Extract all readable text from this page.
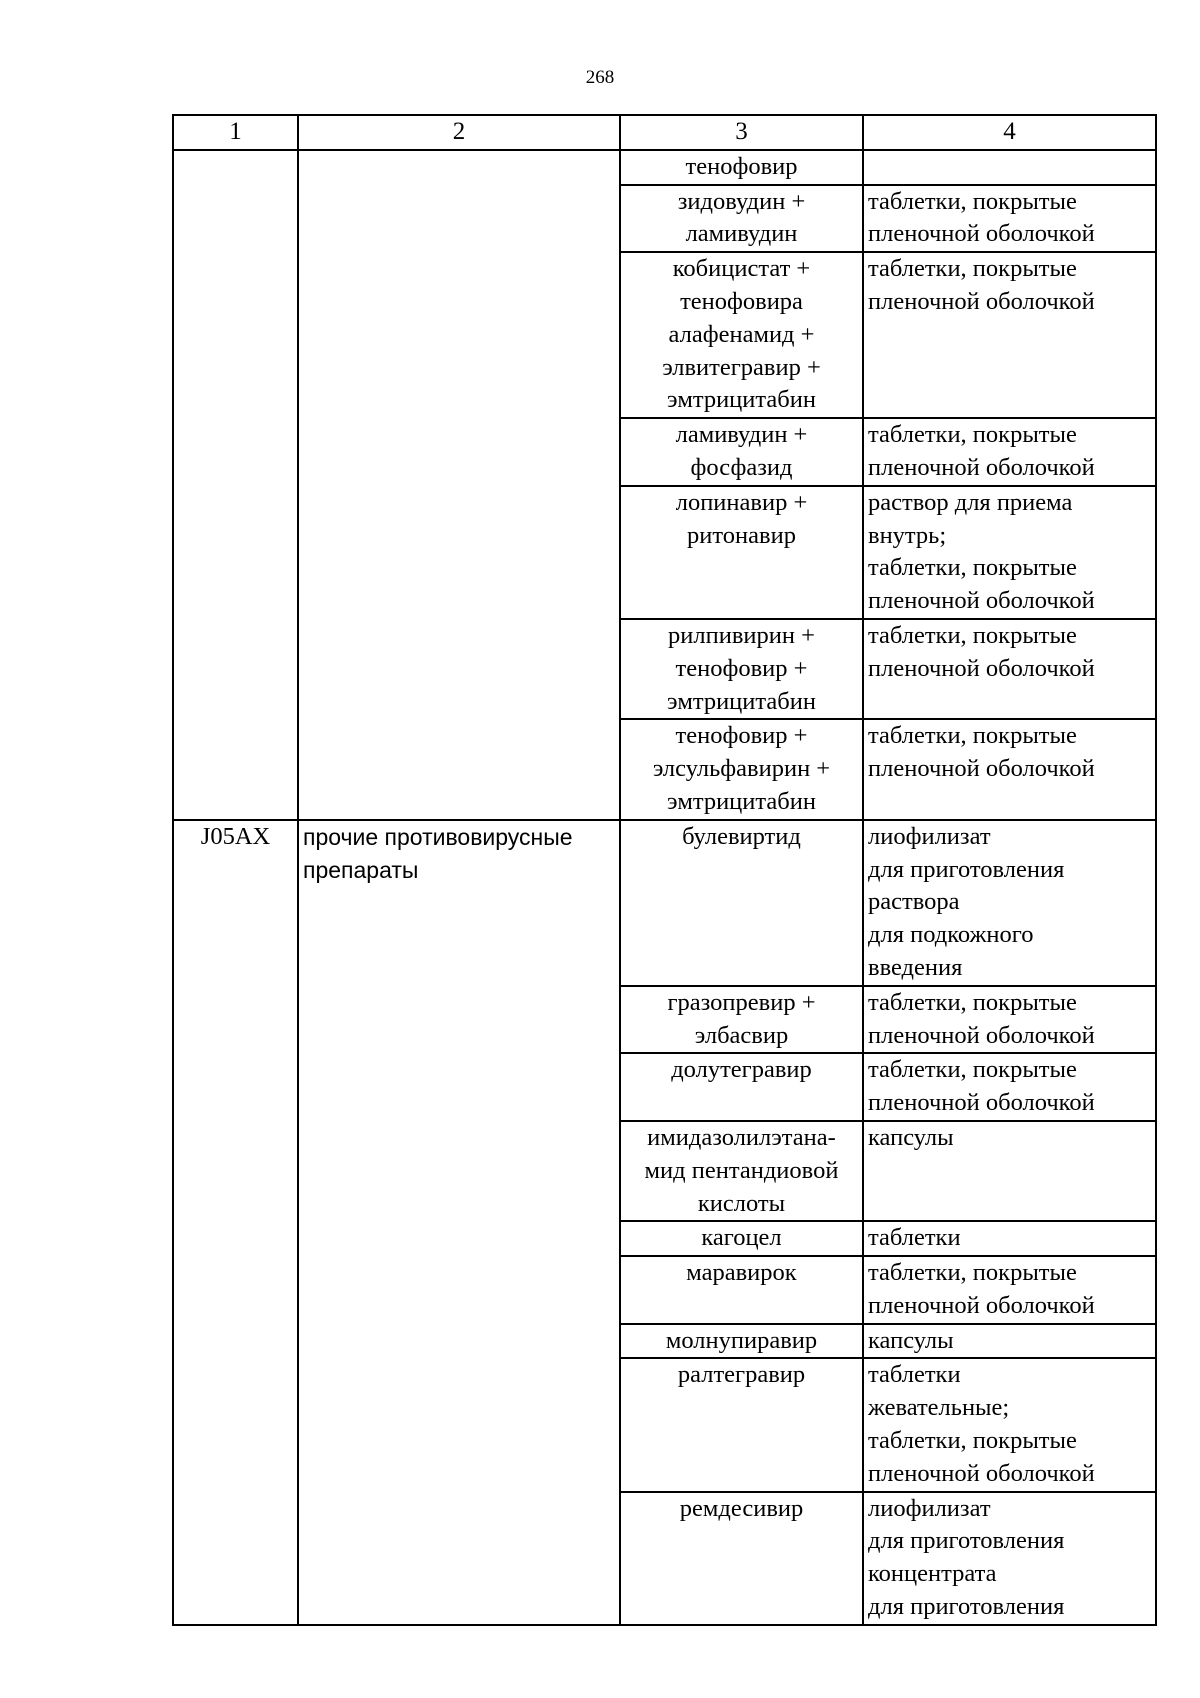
268
1	2	3	4

		тенофовир	

		зидовудин +
ламивудин	таблетки, покрытые
пленочной оболочкой

		кобицистат +
тенофовира
алафенамид +
элвитегравир +
эмтрицитабин	таблетки, покрытые
пленочной оболочкой

		ламивудин +
фосфазид	таблетки, покрытые
пленочной оболочкой

		лопинавир +
ритонавир	раствор для приема
внутрь;
таблетки, покрытые
пленочной оболочкой

		рилпивирин +
тенофовир +
эмтрицитабин	таблетки, покрытые
пленочной оболочкой

		тенофовир +
элсульфавирин +
эмтрицитабин	таблетки, покрытые
пленочной оболочкой

J05AX	прочие противовирусные
препараты	булевиртид	лиофилизат
для приготовления
раствора
для подкожного
введения

		гразопревир +
элбасвир	таблетки, покрытые
пленочной оболочкой

		долутегравир	таблетки, покрытые
пленочной оболочкой

		имидазолилэтана-
мид пентандиовой
кислоты	капсулы

		кагоцел	таблетки

		маравирок	таблетки, покрытые
пленочной оболочкой

		молнупиравир	капсулы

		ралтегравир	таблетки
жевательные;
таблетки, покрытые
пленочной оболочкой

		ремдесивир	лиофилизат
для приготовления
концентрата
для приготовления
